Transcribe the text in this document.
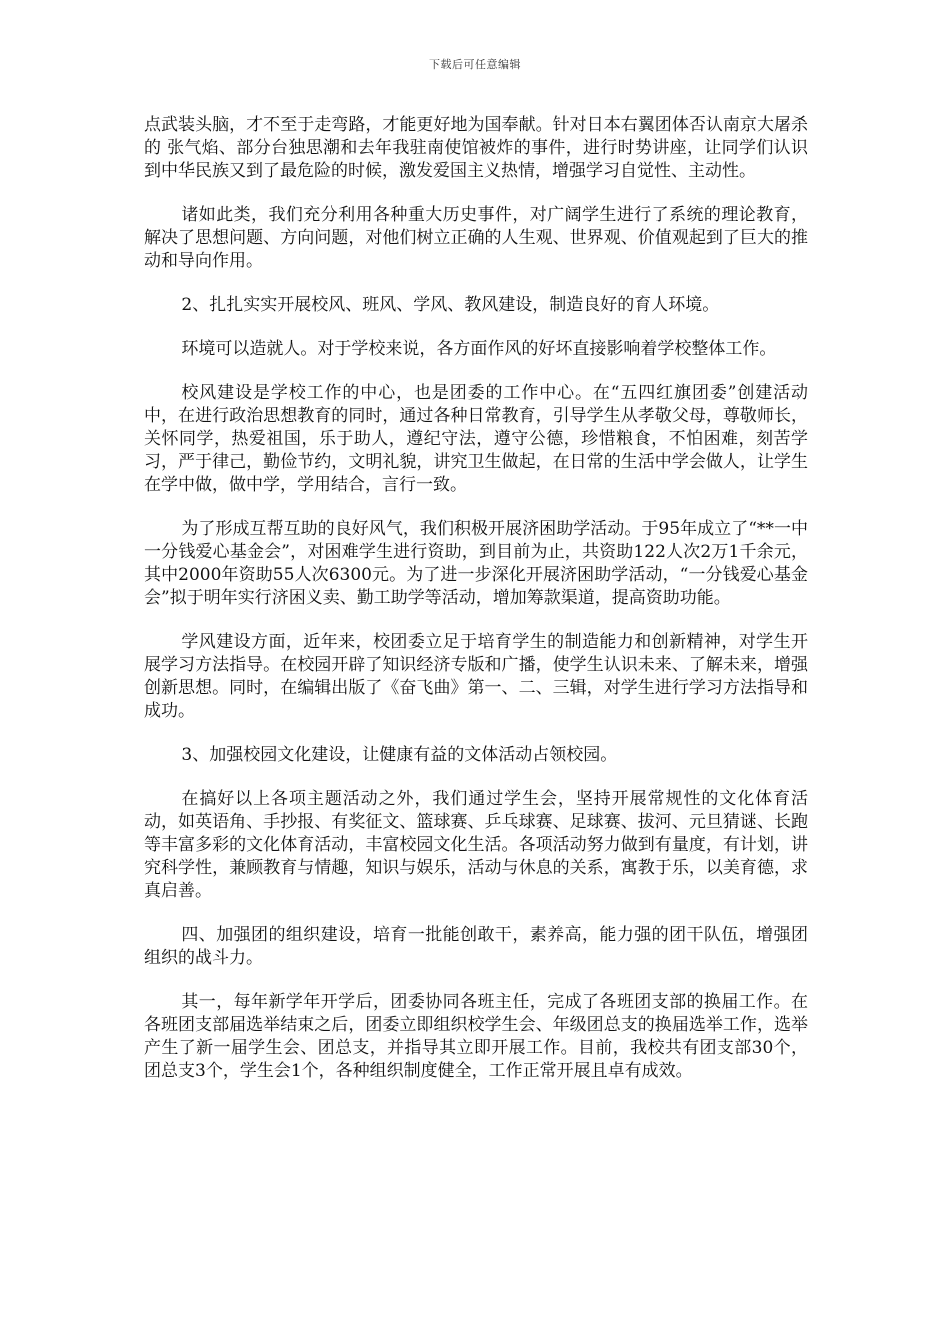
下载后可任意编辑

点武装头脑，才不至于走弯路，才能更好地为国奉献。针对日本右翼团体否认南京大屠杀的 张气焰、部分台独思潮和去年我驻南使馆被炸的事件，进行时势讲座，让同学们认识到中华民族又到了最危险的时候，激发爱国主义热情，增强学习自觉性、主动性。

诸如此类，我们充分利用各种重大历史事件，对广阔学生进行了系统的理论教育，解决了思想问题、方向问题，对他们树立正确的人生观、世界观、价值观起到了巨大的推动和导向作用。

2、扎扎实实开展校风、班风、学风、教风建设，制造良好的育人环境。

环境可以造就人。对于学校来说，各方面作风的好坏直接影响着学校整体工作。

校风建设是学校工作的中心，也是团委的工作中心。在“五四红旗团委”创建活动中，在进行政治思想教育的同时，通过各种日常教育，引导学生从孝敬父母，尊敬师长，关怀同学，热爱祖国，乐于助人，遵纪守法，遵守公德，珍惜粮食，不怕困难，刻苦学习，严于律己，勤俭节约，文明礼貌，讲究卫生做起，在日常的生活中学会做人，让学生在学中做，做中学，学用结合，言行一致。

为了形成互帮互助的良好风气，我们积极开展济困助学活动。于95年成立了“**一中一分钱爱心基金会”，对困难学生进行资助，到目前为止，共资助122人次2万1千余元，其中2000年资助55人次6300元。为了进一步深化开展济困助学活动，“一分钱爱心基金会”拟于明年实行济困义卖、勤工助学等活动，增加筹款渠道，提高资助功能。

学风建设方面，近年来，校团委立足于培育学生的制造能力和创新精神，对学生开展学习方法指导。在校园开辟了知识经济专版和广播，使学生认识未来、了解未来，增强创新思想。同时，在编辑出版了《奋飞曲》第一、二、三辑，对学生进行学习方法指导和成功。

3、加强校园文化建设，让健康有益的文体活动占领校园。

在搞好以上各项主题活动之外，我们通过学生会，坚持开展常规性的文化体育活动，如英语角、手抄报、有奖征文、篮球赛、乒乓球赛、足球赛、拔河、元旦猜谜、长跑等丰富多彩的文化体育活动，丰富校园文化生活。各项活动努力做到有量度，有计划，讲究科学性，兼顾教育与情趣，知识与娱乐，活动与休息的关系，寓教于乐，以美育德，求真启善。

四、加强团的组织建设，培育一批能创敢干，素养高，能力强的团干队伍，增强团组织的战斗力。

其一，每年新学年开学后，团委协同各班主任，完成了各班团支部的换届工作。在各班团支部届选举结束之后，团委立即组织校学生会、年级团总支的换届选举工作，选举产生了新一届学生会、团总支，并指导其立即开展工作。目前，我校共有团支部30个，团总支3个，学生会1个，各种组织制度健全，工作正常开展且卓有成效。
